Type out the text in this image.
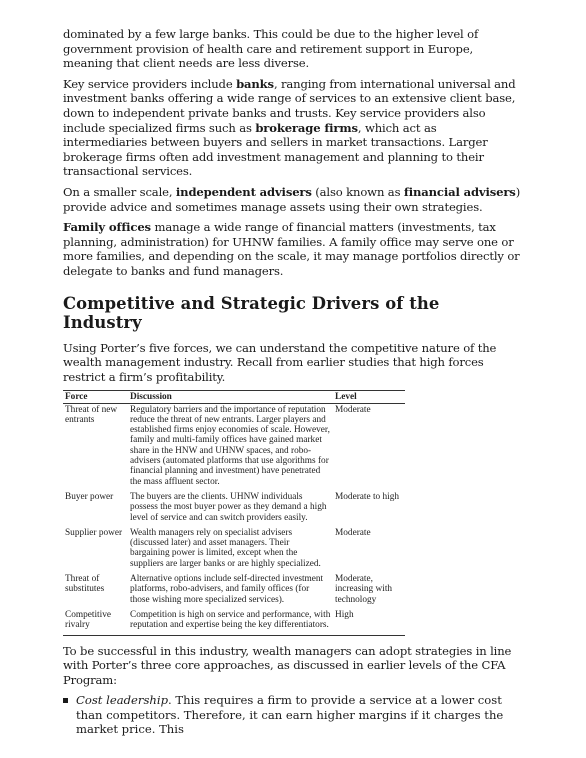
dominated by a few large banks. This could be due to the higher level of government provision of health care and retirement support in Europe, meaning that client needs are less diverse.

Key service providers include banks, ranging from international universal and investment banks offering a wide range of services to an extensive client base, down to independent private banks and trusts. Key service providers also include specialized firms such as brokerage firms, which act as intermediaries between buyers and sellers in market transactions. Larger brokerage firms often add investment management and planning to their transactional services.

On a smaller scale, independent advisers (also known as financial advisers) provide advice and sometimes manage assets using their own strategies.

Family offices manage a wide range of financial matters (investments, tax planning, administration) for UHNW families. A family office may serve one or more families, and depending on the scale, it may manage portfolios directly or delegate to banks and fund managers.

Competitive and Strategic Drivers of the Industry

Using Porter’s five forces, we can understand the competitive nature of the wealth management industry. Recall from earlier studies that high forces restrict a firm’s profitability.

Force	Discussion	Level
Threat of new entrants	Regulatory barriers and the importance of reputation reduce the threat of new entrants. Larger players and established firms enjoy economies of scale. However, family and multi-family offices have gained market share in the HNW and UHNW spaces, and robo-advisers (automated platforms that use algorithms for financial planning and investment) have penetrated the mass affluent sector.	Moderate
Buyer power	The buyers are the clients. UHNW individuals possess the most buyer power as they demand a high level of service and can switch providers easily.	Moderate to high
Supplier power	Wealth managers rely on specialist advisers (discussed later) and asset managers. Their bargaining power is limited, except when the suppliers are larger banks or are highly specialized.	Moderate
Threat of substitutes	Alternative options include self-directed investment platforms, robo-advisers, and family offices (for those wishing more specialized services).	Moderate, increasing with technology
Competitive rivalry	Competition is high on service and performance, with reputation and expertise being the key differentiators.	High

To be successful in this industry, wealth managers can adopt strategies in line with Porter’s three core approaches, as discussed in earlier levels of the CFA Program:

Cost leadership. This requires a firm to provide a service at a lower cost than competitors. Therefore, it can earn higher margins if it charges the market price. This
